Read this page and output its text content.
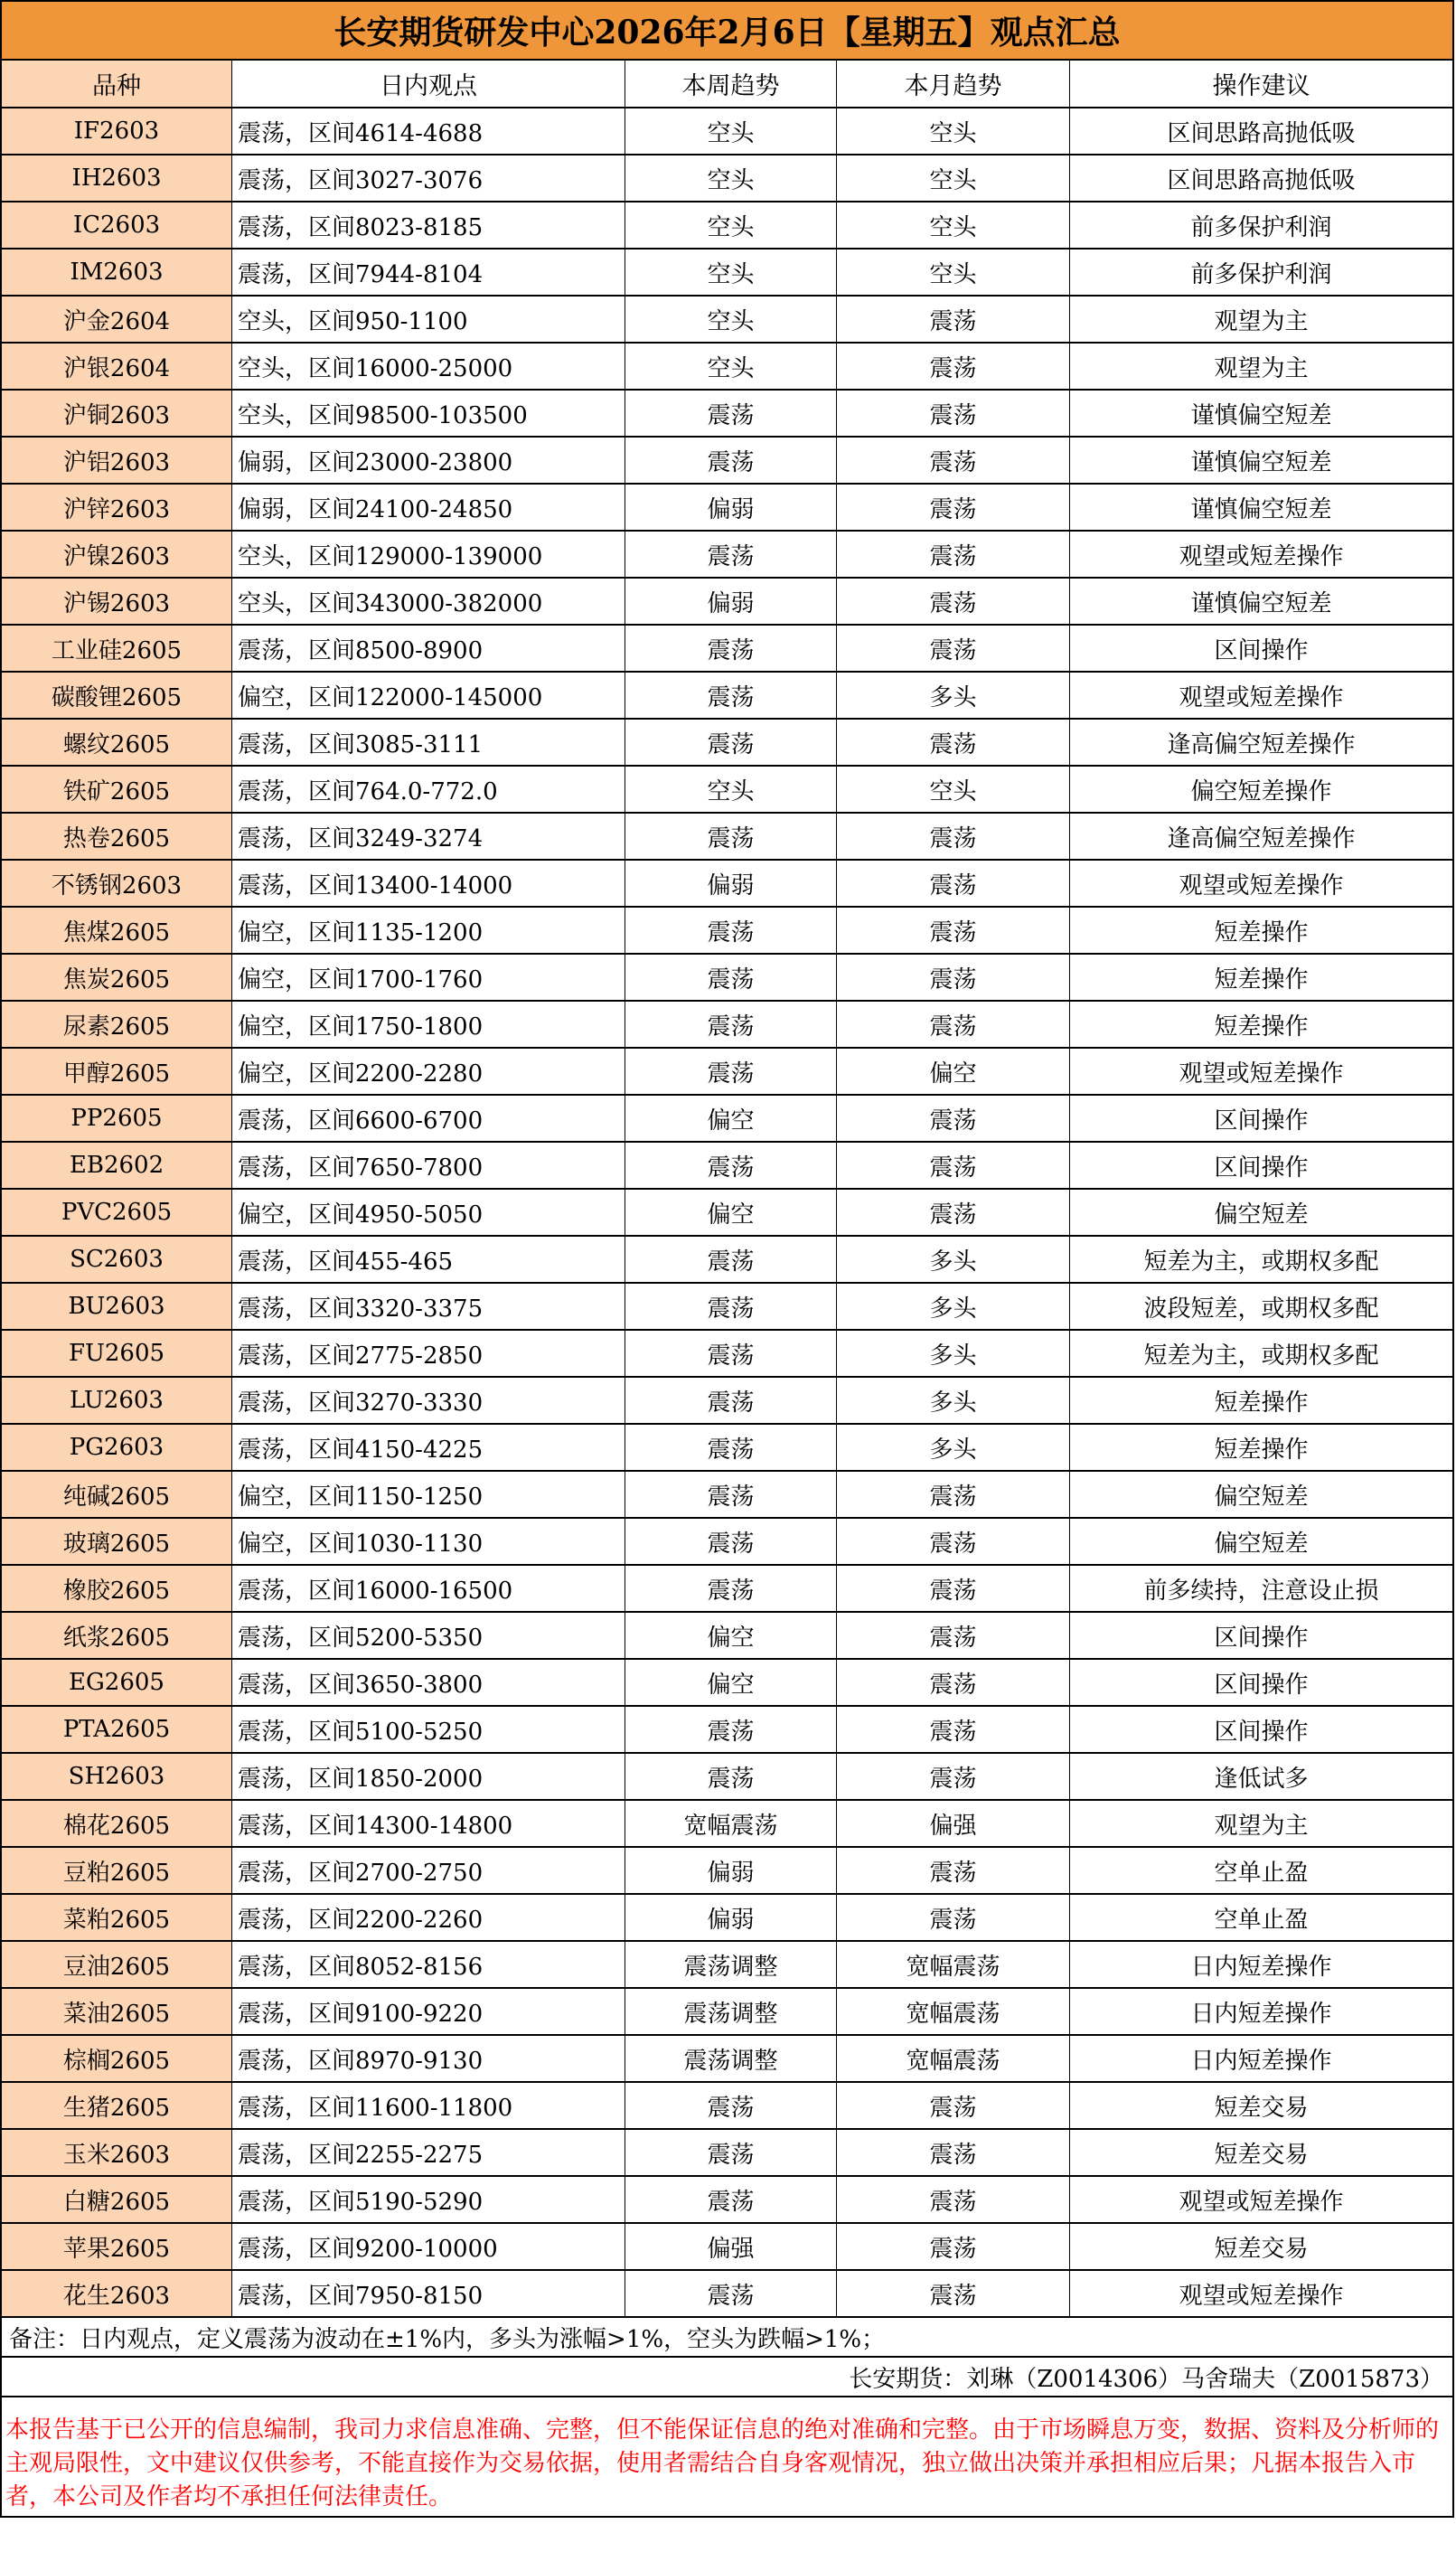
长安期货研发中心2026年2月6日【星期五】观点汇总
品种	日内观点	本周趋势	本月趋势	操作建议
IF2603	震荡，区间4614-4688	空头	空头	区间思路高抛低吸
IH2603	震荡，区间3027-3076	空头	空头	区间思路高抛低吸
IC2603	震荡，区间8023-8185	空头	空头	前多保护利润
IM2603	震荡，区间7944-8104	空头	空头	前多保护利润
沪金2604	空头，区间950-1100	空头	震荡	观望为主
沪银2604	空头，区间16000-25000	空头	震荡	观望为主
沪铜2603	空头，区间98500-103500	震荡	震荡	谨慎偏空短差
沪铝2603	偏弱，区间23000-23800	震荡	震荡	谨慎偏空短差
沪锌2603	偏弱，区间24100-24850	偏弱	震荡	谨慎偏空短差
沪镍2603	空头，区间129000-139000	震荡	震荡	观望或短差操作
沪锡2603	空头，区间343000-382000	偏弱	震荡	谨慎偏空短差
工业硅2605	震荡，区间8500-8900	震荡	震荡	区间操作
碳酸锂2605	偏空，区间122000-145000	震荡	多头	观望或短差操作
螺纹2605	震荡，区间3085-3111	震荡	震荡	逢高偏空短差操作
铁矿2605	震荡，区间764.0-772.0	空头	空头	偏空短差操作
热卷2605	震荡，区间3249-3274	震荡	震荡	逢高偏空短差操作
不锈钢2603	震荡，区间13400-14000	偏弱	震荡	观望或短差操作
焦煤2605	偏空，区间1135-1200	震荡	震荡	短差操作
焦炭2605	偏空，区间1700-1760	震荡	震荡	短差操作
尿素2605	偏空，区间1750-1800	震荡	震荡	短差操作
甲醇2605	偏空，区间2200-2280	震荡	偏空	观望或短差操作
PP2605	震荡，区间6600-6700	偏空	震荡	区间操作
EB2602	震荡，区间7650-7800	震荡	震荡	区间操作
PVC2605	偏空，区间4950-5050	偏空	震荡	偏空短差
SC2603	震荡，区间455-465	震荡	多头	短差为主，或期权多配
BU2603	震荡，区间3320-3375	震荡	多头	波段短差，或期权多配
FU2605	震荡，区间2775-2850	震荡	多头	短差为主，或期权多配
LU2603	震荡，区间3270-3330	震荡	多头	短差操作
PG2603	震荡，区间4150-4225	震荡	多头	短差操作
纯碱2605	偏空，区间1150-1250	震荡	震荡	偏空短差
玻璃2605	偏空，区间1030-1130	震荡	震荡	偏空短差
橡胶2605	震荡，区间16000-16500	震荡	震荡	前多续持，注意设止损
纸浆2605	震荡，区间5200-5350	偏空	震荡	区间操作
EG2605	震荡，区间3650-3800	偏空	震荡	区间操作
PTA2605	震荡，区间5100-5250	震荡	震荡	区间操作
SH2603	震荡，区间1850-2000	震荡	震荡	逢低试多
棉花2605	震荡，区间14300-14800	宽幅震荡	偏强	观望为主
豆粕2605	震荡，区间2700-2750	偏弱	震荡	空单止盈
菜粕2605	震荡，区间2200-2260	偏弱	震荡	空单止盈
豆油2605	震荡，区间8052-8156	震荡调整	宽幅震荡	日内短差操作
菜油2605	震荡，区间9100-9220	震荡调整	宽幅震荡	日内短差操作
棕榈2605	震荡，区间8970-9130	震荡调整	宽幅震荡	日内短差操作
生猪2605	震荡，区间11600-11800	震荡	震荡	短差交易
玉米2603	震荡，区间2255-2275	震荡	震荡	短差交易
白糖2605	震荡，区间5190-5290	震荡	震荡	观望或短差操作
苹果2605	震荡，区间9200-10000	偏强	震荡	短差交易
花生2603	震荡，区间7950-8150	震荡	震荡	观望或短差操作
备注：日内观点，定义震荡为波动在±1%内，多头为涨幅>1%，空头为跌幅>1%；
长安期货：刘琳（Z0014306）马舍瑞夫（Z0015873）
本报告基于已公开的信息编制，我司力求信息准确、完整，但不能保证信息的绝对准确和完整。由于市场瞬息万变，数据、资料及分析师的主观局限性，文中建议仅供参考，不能直接作为交易依据，使用者需结合自身客观情况，独立做出决策并承担相应后果；凡据本报告入市者，本公司及作者均不承担任何法律责任。
